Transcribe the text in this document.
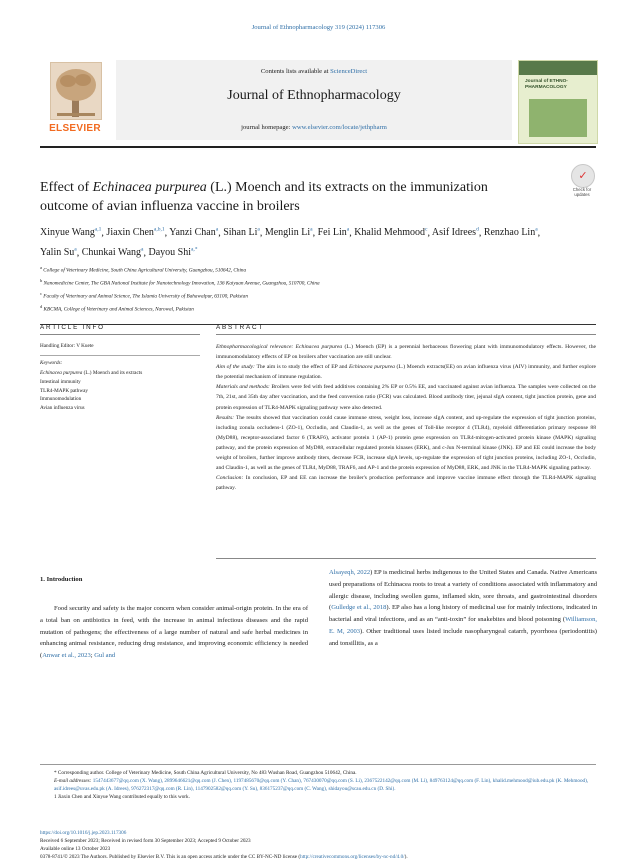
Journal of Ethnopharmacology 319 (2024) 117306
ELSEVIER
Contents lists available at ScienceDirect
Journal of Ethnopharmacology
journal homepage: www.elsevier.com/locate/jethpharm
Journal of ETHNO-PHARMACOLOGY
Effect of Echinacea purpurea (L.) Moench and its extracts on the immunization outcome of avian influenza vaccine in broilers
✓
Check for updates
Xinyue Wang$^{a,1}$, Jiaxin Chen$^{a,b,1}$, Yanzi Chan$^a$, Sihan Li$^a$, Menglin Li$^a$, Fei Lin$^a$, Khalid Mehmood$^c$, Asif Idrees$^d$, Renzhao Lin$^a$, Yalin Su$^a$, Chunkai Wang$^a$, Dayou Shi$^{a,*}$
a College of Veterinary Medicine, South China Agricultural University, Guangzhou, 510642, China
b Nanomedicine Center, The GBA National Institute for Nanotechnology Innovation, 136 Kaiyuan Avenue, Guangzhou, 510700, China
c Faculty of Veterinary and Animal Science, The Islamia University of Bahawalpur, 63100, Pakistan
d KBCMA, College of Veterinary and Animal Sciences, Narowal, Pakistan
ARTICLE INFO	ABSTRACT
Handling Editor: V Kuete
Keywords:
Echinacea purpurea (L.) Moench and its extracts
Intestinal immunity
TLR4-MAPK pathway
Immunomodulation
Avian influenza virus

Ethnopharmacological relevance: Echinacea purpurea (L.) Moench (EP) is a perennial herbaceous flowering plant with immunomodulatory effects. However, the immunomodulatory effects of EP on broilers after vaccination are still unclear.

Aim of the study: The aim is to study the effect of EP and Echinacea purpurea (L.) Moench extracts(EE) on avian influenza virus (AIV) immunity, and further explore the potential mechanism of immune regulation.

Materials and methods: Broilers were fed with feed additives containing 2% EP or 0.5% EE, and vaccinated against avian influenza. The samples were collected on the 7th, 21st, and 35th day after vaccination, and the feed conversion ratio (FCR) was calculated. Blood antibody titer, jejunal sIgA content, tight junction protein, gene and protein expression of TLR4-MAPK signaling pathway were also detected.

Results: The results showed that vaccination could cause immune stress, weight loss, increase sIgA content, and up-regulate the expression of tight junction proteins, including zonula occludens-1 (ZO-1), Occludin, and Claudin-1, as well as the genes of Toll-like receptor 4 (TLR4), myeloid differentiation primary response 88 (MyD88), receptor-associated factor 6 (TRAF6), activator protein 1 (AP-1) protein gene expression on TLR4-mitogen-activated protein kinase (MAPK) signaling pathway, and the protein expression of MyD88, extracellular regulated protein kinases (ERK), and c-Jun N-terminal kinase (JNK). EP and EE could increase the body weight of broilers, further improve antibody titers, decrease FCR, increase sIgA levels, up-regulate the expression of tight junction proteins, including ZO-1, Occludin, and Claudin-1, as well as the genes of TLR4, MyD88, TRAF6, and AP-1 and the protein expression of MyD88, ERK, and JNK in the TLR4-MAPK signaling pathway.

Conclusion: In conclusion, EP and EE can increase the broiler's production performance and improve vaccine immune effect through the TLR4-MAPK signaling pathway.

1. Introduction
Food security and safety is the major concern when consider animal-origin protein. In the era of a total ban on antibiotics in feed, with the increase in animal infectious diseases and the rapid mutation of pathogens; the effectiveness of a large number of natural and safe herbal medicines in enhancing animal resistance, reducing drug resistance, and improving economic efficiency is needed (Anwar et al., 2023; Gul and
Alsayeqh, 2022) EP is medicinal herbs indigenous to the United States and Canada. Native Americans used preparations of Echinacea roots to treat a variety of conditions associated with inflammatory and allergic disease, including swollen gums, inflamed skin, sore throats, and gastrointestinal disorders (Gulledge et al., 2018). EP also has a long history of medicinal use for mainly infections, indicated in bacterial and viral infections, and as an “anti-toxin” for snakebites and blood poisoning (Williamson, E. M, 2003). Other traditional uses listed include nasopharyngeal catarrh, pyorrhoea (periodontitis) and tonsillitis, as a

* Corresponding author. College of Veterinary Medicine, South China Agricultural University, No 483 Wushan Road, Guangzhou 510642, China.

E-mail addresses: 1547443677@qq.com (X. Wang), 2899646621@qq.com (J. Chen), 1197485670@qq.com (Y. Chan), 767430070@qq.com (S. Li), 2367522142@qq.com (M. Li), 849763124@qq.com (F. Lin), khalid.mehmood@iub.edu.pk (K. Mehmood), asif.idrees@uvas.edu.pk (A. Idrees), 976272317@qq.com (R. Lin), 1147902582@qq.com (Y. Su), 836175237@qq.com (C. Wang), shidayou@scau.edu.cn (D. Shi).

1 Jiaxin Chen and Xinyue Wang contributed equally to this work.

https://doi.org/10.1016/j.jep.2023.117306
Received 6 September 2023; Received in revised form 30 September 2023; Accepted 9 October 2023
Available online 13 October 2023
0378-8741/© 2023 The Authors. Published by Elsevier B.V. This is an open access article under the CC BY-NC-ND license (http://creativecommons.org/licenses/by-nc-nd/4.0/).
